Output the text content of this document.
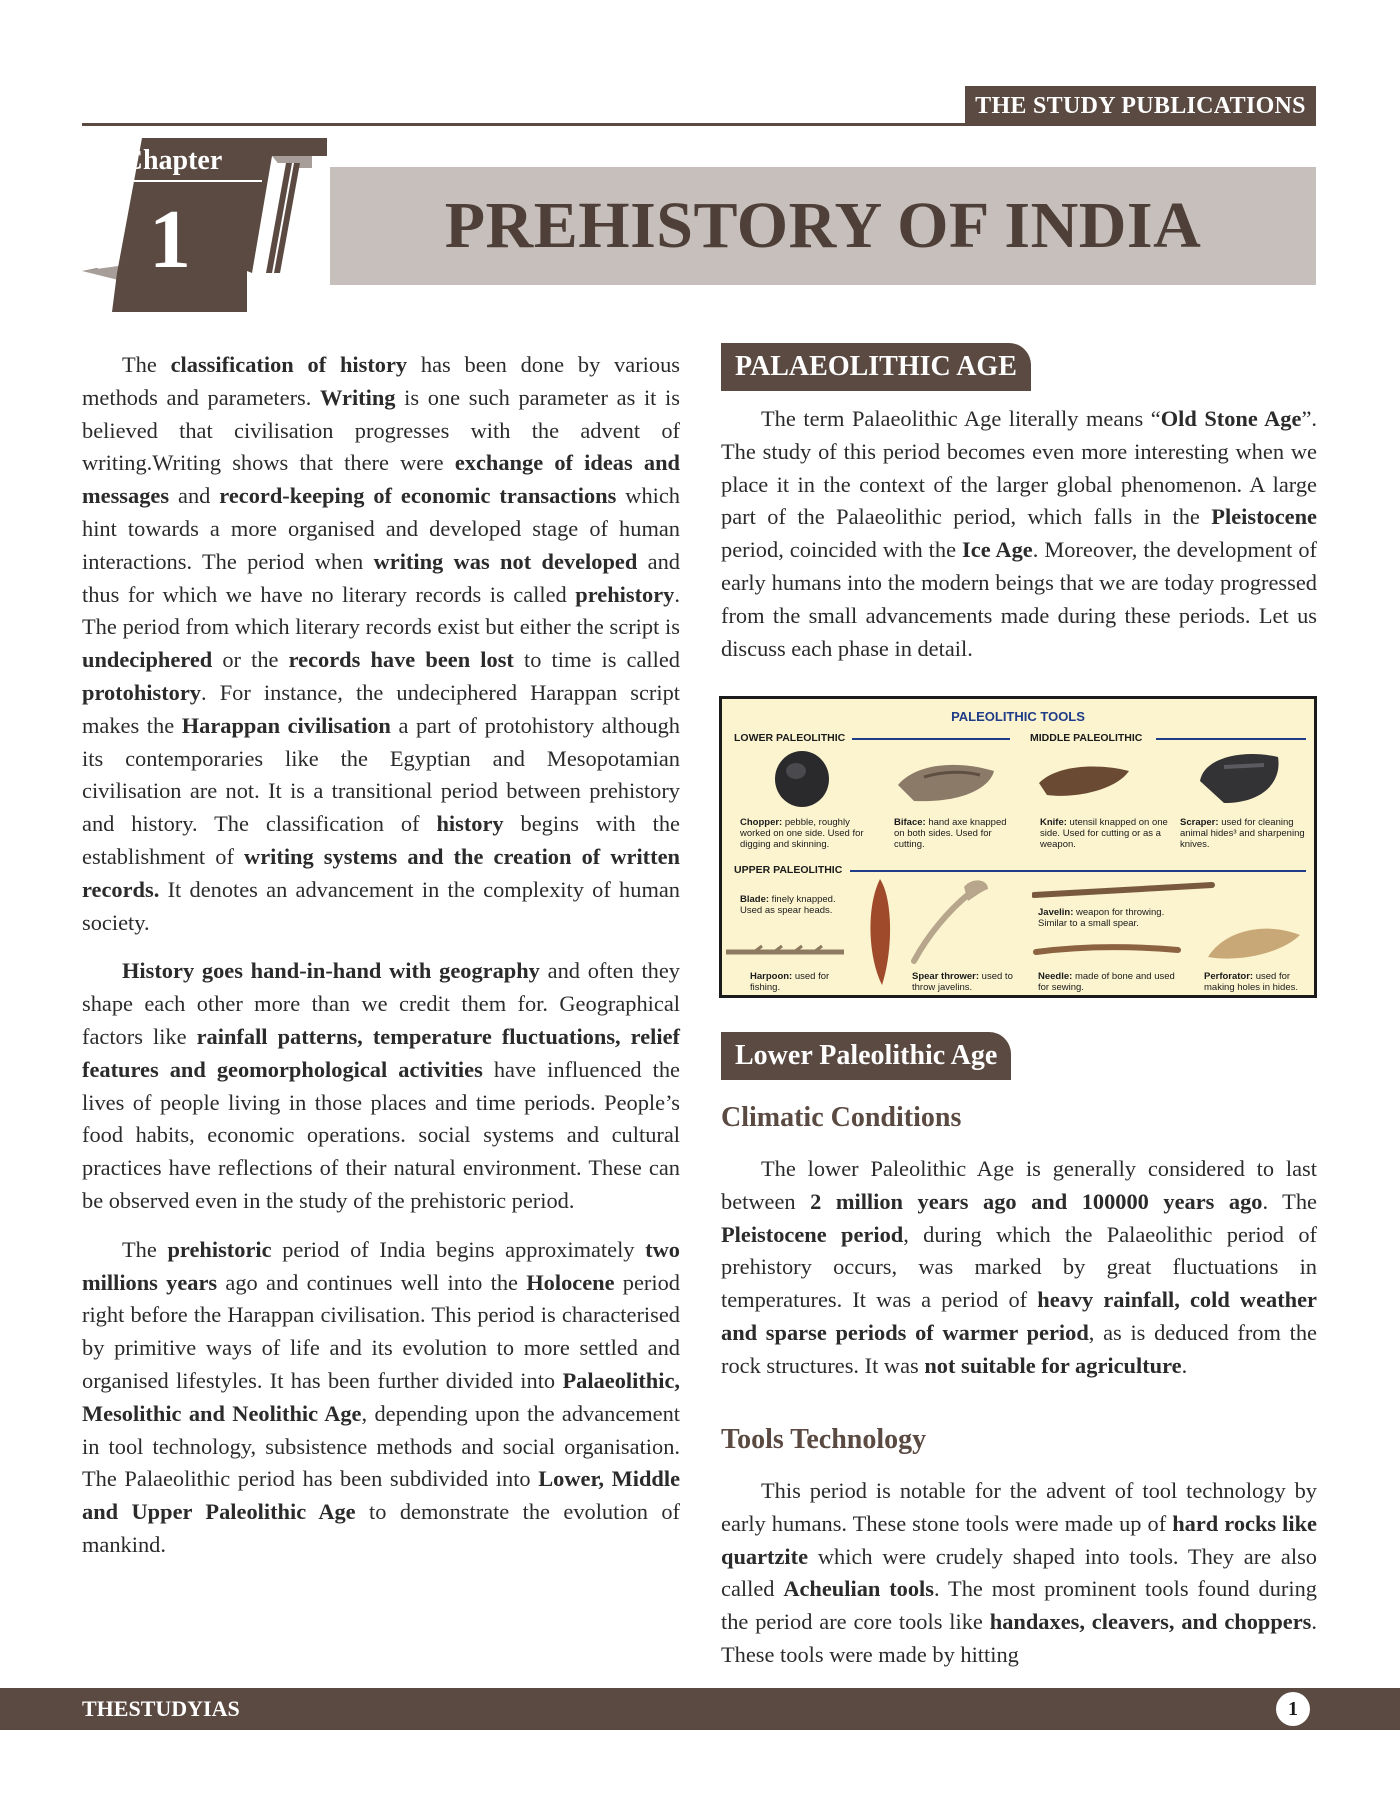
THE STUDY PUBLICATIONS
Chapter
1	PREHISTORY OF INDIA

The classification of history has been done by various methods and parameters. Writing is one such parameter as it is believed that civilisation progresses with the advent of writing.Writing shows that there were exchange of ideas and messages and record-keeping of economic transactions which hint towards a more organised and developed stage of human interactions. The period when writing was not developed and thus for which we have no literary records is called prehistory. The period from which literary records exist but either the script is undeciphered or the records have been lost to time is called protohistory. For instance, the undeciphered Harappan script makes the Harappan civilisation a part of protohistory although its contemporaries like the Egyptian and Mesopotamian civilisation are not. It is a transitional period between prehistory and history. The classification of history begins with the establishment of writing systems and the creation of written records. It denotes an advancement in the complexity of human society.

History goes hand-in-hand with geography and often they shape each other more than we credit them for. Geographical factors like rainfall patterns, temperature fluctuations, relief features and geomorphological activities have influenced the lives of people living in those places and time periods. People’s food habits, economic operations. social systems and cultural practices have reflections of their natural environment. These can be observed even in the study of the prehistoric period.

The prehistoric period of India begins approximately two millions years ago and continues well into the Holocene period right before the Harappan civilisation. This period is characterised by primitive ways of life and its evolution to more settled and organised lifestyles. It has been further divided into Palaeolithic, Mesolithic and Neolithic Age, depending upon the advancement in tool technology, subsistence methods and social organisation. The Palaeolithic period has been subdivided into Lower, Middle and Upper Paleolithic Age to demonstrate the evolution of mankind.

PALAEOLITHIC AGE

The term Palaeolithic Age literally means “Old Stone Age”. The study of this period becomes even more interesting when we place it in the context of the larger global phenomenon. A large part of the Palaeolithic period, which falls in the Pleistocene period, coincided with the Ice Age. Moreover, the development of early humans into the modern beings that we are today progressed from the small advancements made during these periods. Let us discuss each phase in detail.

PALEOLITHIC TOOLS
LOWER PALEOLITHIC	MIDDLE PALEOLITHIC
Chopper: pebble, roughly worked on one side. Used for digging and skinning.
Biface: hand axe knapped on both sides. Used for cutting.
Knife: utensil knapped on one side. Used for cutting or as a weapon.
Scraper: used for cleaning animal hides³ and sharpening knives.
UPPER PALEOLITHIC
Blade: finely knapped. Used as spear heads.	Javelin: weapon for throwing. Similar to a small spear.
Harpoon: used for fishing.
Spear thrower: used to throw javelins.
Needle: made of bone and used for sewing.
Perforator: used for making holes in hides.
Lower Paleolithic Age
Climatic Conditions

The lower Paleolithic Age is generally considered to last between 2 million years ago and 100000 years ago. The Pleistocene period, during which the Palaeolithic period of prehistory occurs, was marked by great fluctuations in temperatures. It was a period of heavy rainfall, cold weather and sparse periods of warmer period, as is deduced from the rock structures. It was not suitable for agriculture.

Tools Technology

This period is notable for the advent of tool technology by early humans. These stone tools were made up of hard rocks like quartzite which were crudely shaped into tools. They are also called Acheulian tools. The most prominent tools found during the period are core tools like handaxes, cleavers, and choppers. These tools were made by hitting

THESTUDYIAS	1
